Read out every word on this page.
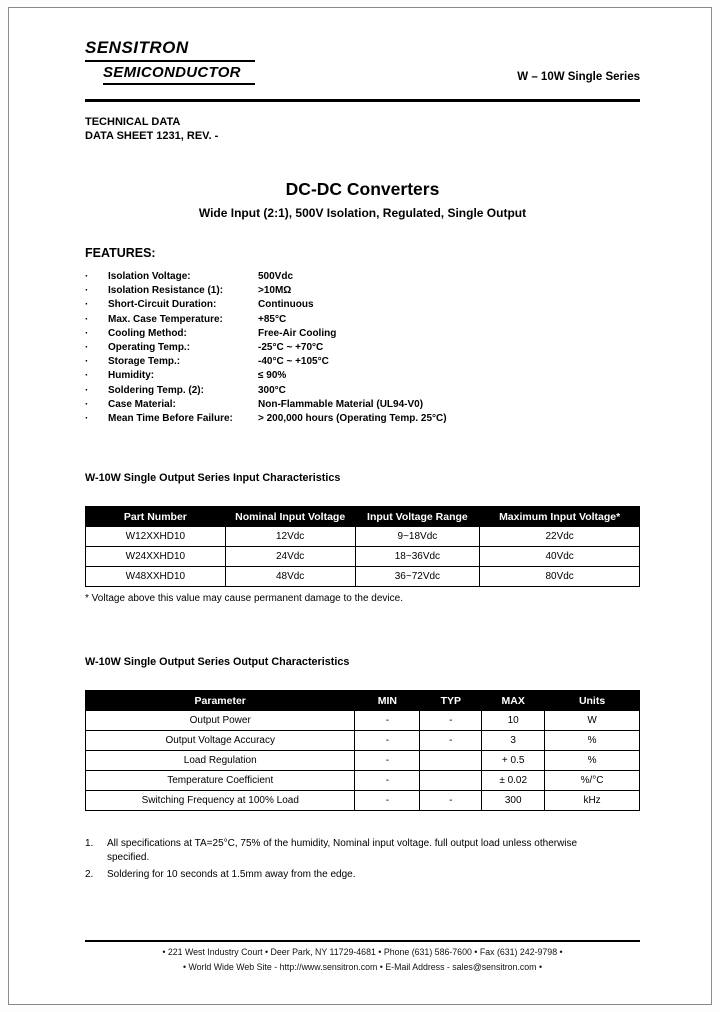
SENSITRON
SEMICONDUCTOR	W – 10W Single Series
TECHNICAL DATA
DATA SHEET 1231, REV. -
DC-DC Converters
Wide Input (2:1), 500V Isolation, Regulated, Single Output
FEATURES:
·	Isolation Voltage:	500Vdc
·	Isolation Resistance (1):	>10MΩ
·	Short-Circuit Duration:	Continuous
·	Max. Case Temperature:	+85°C
·	Cooling Method:	Free-Air Cooling
·	Operating Temp.:	-25°C ~ +70°C
·	Storage Temp.:	-40°C ~ +105°C
·	Humidity:	≤ 90%
·	Soldering Temp. (2):	300°C
·	Case Material:	Non-Flammable Material (UL94-V0)
·	Mean Time Before Failure:	> 200,000 hours (Operating Temp. 25°C)
W-10W Single Output Series Input Characteristics
Part Number	Nominal Input Voltage	Input Voltage Range	Maximum Input Voltage*
W12XXHD10	12Vdc	9~18Vdc	22Vdc
W24XXHD10	24Vdc	18~36Vdc	40Vdc
W48XXHD10	48Vdc	36~72Vdc	80Vdc
* Voltage above this value may cause permanent damage to the device.
W-10W Single Output Series Output Characteristics
Parameter	MIN	TYP	MAX	Units
Output Power	-	-	10	W
Output Voltage Accuracy	-	-	3	%
Load Regulation	-		+ 0.5	%
Temperature Coefficient	-		± 0.02	%/°C
Switching Frequency at 100% Load	-	-	300	kHz
1.	All specifications at TA=25°C, 75% of the humidity, Nominal input voltage. full output load unless otherwise specified.
2.	Soldering for 10 seconds at 1.5mm away from the edge.
• 221 West Industry Court • Deer Park, NY 11729-4681 • Phone (631) 586-7600 • Fax (631) 242-9798 •
• World Wide Web Site - http://www.sensitron.com • E-Mail Address - sales@sensitron.com •
